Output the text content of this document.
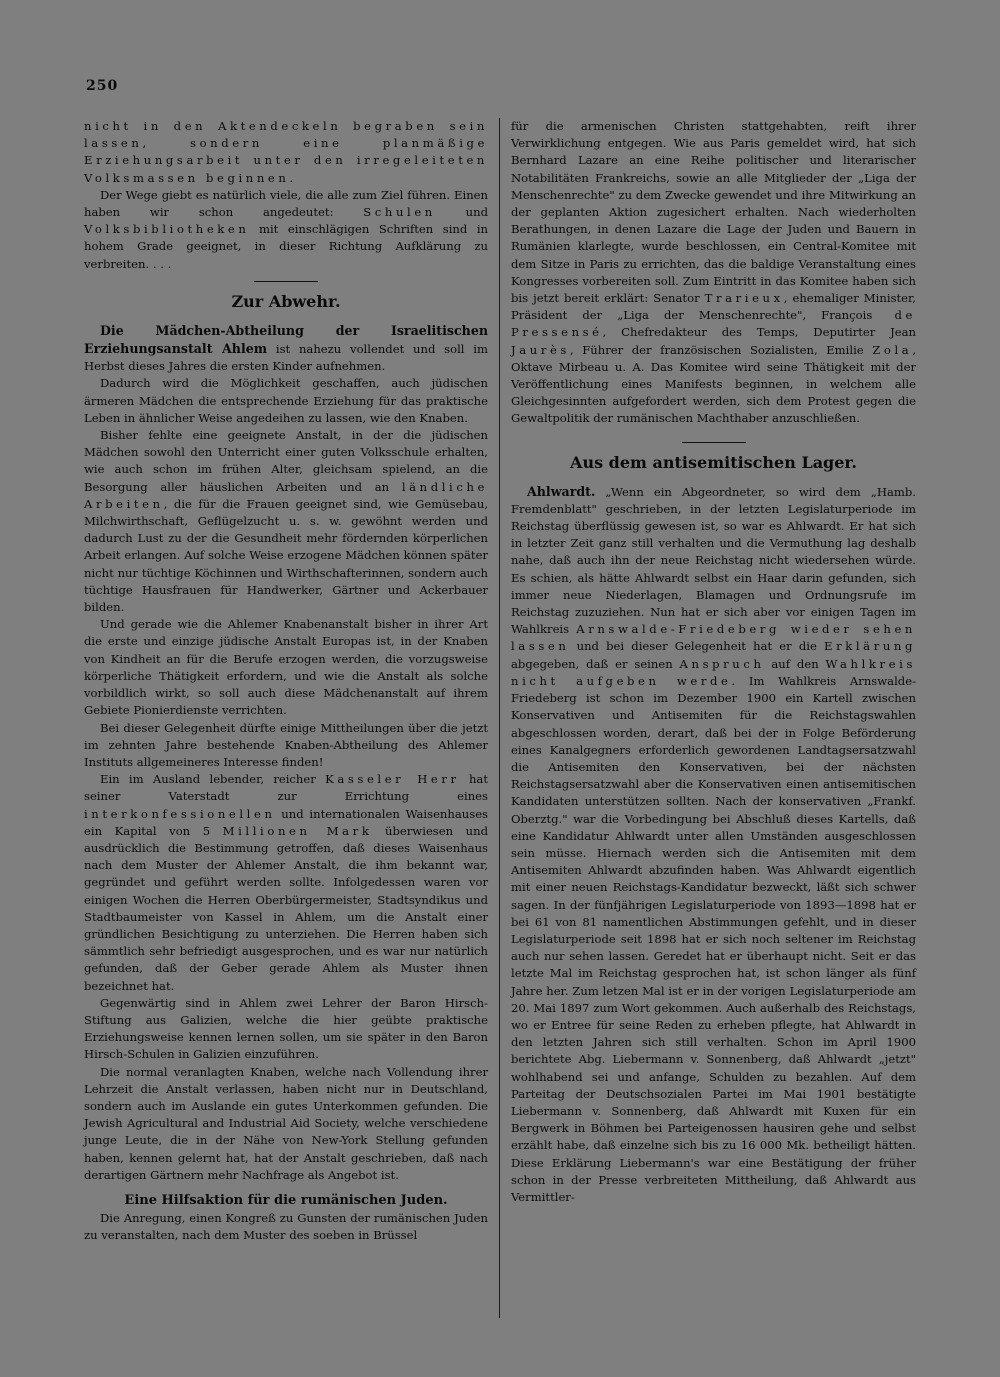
250

nicht in den Aktendeckeln begraben sein lassen, sondern eine planmäßige Erziehungsarbeit unter den irregeleiteten Volksmassen beginnen.

Der Wege giebt es natürlich viele, die alle zum Ziel führen. Einen haben wir schon angedeutet: Schulen und Volksbibliotheken mit einschlägigen Schriften sind in hohem Grade geeignet, in dieser Richtung Aufklärung zu verbreiten. . . .

Zur Abwehr.

Die Mädchen-Abtheilung der Israelitischen Erziehungsanstalt Ahlem ist nahezu vollendet und soll im Herbst dieses Jahres die ersten Kinder aufnehmen.

Dadurch wird die Möglichkeit geschaffen, auch jüdischen ärmeren Mädchen die entsprechende Erziehung für das praktische Leben in ähnlicher Weise angedeihen zu lassen, wie den Knaben.

Bisher fehlte eine geeignete Anstalt, in der die jüdischen Mädchen sowohl den Unterricht einer guten Volksschule erhalten, wie auch schon im frühen Alter, gleichsam spielend, an die Besorgung aller häuslichen Arbeiten und an ländliche Arbeiten, die für die Frauen geeignet sind, wie Gemüsebau, Milchwirthschaft, Geflügelzucht u. s. w. gewöhnt werden und dadurch Lust zu der die Gesundheit mehr fördernden körperlichen Arbeit erlangen. Auf solche Weise erzogene Mädchen können später nicht nur tüchtige Köchinnen und Wirthschafterinnen, sondern auch tüchtige Hausfrauen für Handwerker, Gärtner und Ackerbauer bilden.

Und gerade wie die Ahlemer Knabenanstalt bisher in ihrer Art die erste und einzige jüdische Anstalt Europas ist, in der Knaben von Kindheit an für die Berufe erzogen werden, die vorzugsweise körperliche Thätigkeit erfordern, und wie die Anstalt als solche vorbildlich wirkt, so soll auch diese Mädchenanstalt auf ihrem Gebiete Pionierdienste verrichten.

Bei dieser Gelegenheit dürfte einige Mittheilungen über die jetzt im zehnten Jahre bestehende Knaben-Abtheilung des Ahlemer Instituts allgemeineres Interesse finden!

Ein im Ausland lebender, reicher Kasseler Herr hat seiner Vaterstadt zur Errichtung eines interkonfessionellen und internationalen Waisenhauses ein Kapital von 5 Millionen Mark überwiesen und ausdrücklich die Bestimmung getroffen, daß dieses Waisenhaus nach dem Muster der Ahlemer Anstalt, die ihm bekannt war, gegründet und geführt werden sollte. Infolgedessen waren vor einigen Wochen die Herren Oberbürgermeister, Stadtsyndikus und Stadtbaumeister von Kassel in Ahlem, um die Anstalt einer gründlichen Besichtigung zu unterziehen. Die Herren haben sich sämmtlich sehr befriedigt ausgesprochen, und es war nur natürlich gefunden, daß der Geber gerade Ahlem als Muster ihnen bezeichnet hat.

Gegenwärtig sind in Ahlem zwei Lehrer der Baron Hirsch-Stiftung aus Galizien, welche die hier geübte praktische Erziehungsweise kennen lernen sollen, um sie später in den Baron Hirsch-Schulen in Galizien einzuführen.

Die normal veranlagten Knaben, welche nach Vollendung ihrer Lehrzeit die Anstalt verlassen, haben nicht nur in Deutschland, sondern auch im Auslande ein gutes Unterkommen gefunden. Die Jewish Agricultural and Industrial Aid Society, welche verschiedene junge Leute, die in der Nähe von New-York Stellung gefunden haben, kennen gelernt hat, hat der Anstalt geschrieben, daß nach derartigen Gärtnern mehr Nachfrage als Angebot ist.

Eine Hilfsaktion für die rumänischen Juden.

Die Anregung, einen Kongreß zu Gunsten der rumänischen Juden zu veranstalten, nach dem Muster des soeben in Brüssel

für die armenischen Christen stattgehabten, reift ihrer Verwirklichung entgegen. Wie aus Paris gemeldet wird, hat sich Bernhard Lazare an eine Reihe politischer und literarischer Notabilitäten Frankreichs, sowie an alle Mitglieder der „Liga der Menschenrechte" zu dem Zwecke gewendet und ihre Mitwirkung an der geplanten Aktion zugesichert erhalten. Nach wiederholten Berathungen, in denen Lazare die Lage der Juden und Bauern in Rumänien klarlegte, wurde beschlossen, ein Central-Komitee mit dem Sitze in Paris zu errichten, das die baldige Veranstaltung eines Kongresses vorbereiten soll. Zum Eintritt in das Komitee haben sich bis jetzt bereit erklärt: Senator Trarieux, ehemaliger Minister, Präsident der „Liga der Menschenrechte", François de Pressensé, Chefredakteur des Temps, Deputirter Jean Jaurès, Führer der französischen Sozialisten, Emilie Zola, Oktave Mirbeau u. A. Das Komitee wird seine Thätigkeit mit der Veröffentlichung eines Manifests beginnen, in welchem alle Gleichgesinnten aufgefordert werden, sich dem Protest gegen die Gewaltpolitik der rumänischen Machthaber anzuschließen.

Aus dem antisemitischen Lager.

Ahlwardt. „Wenn ein Abgeordneter, so wird dem „Hamb. Fremdenblatt" geschrieben, in der letzten Legislaturperiode im Reichstag überflüssig gewesen ist, so war es Ahlwardt. Er hat sich in letzter Zeit ganz still verhalten und die Vermuthung lag deshalb nahe, daß auch ihn der neue Reichstag nicht wiedersehen würde. Es schien, als hätte Ahlwardt selbst ein Haar darin gefunden, sich immer neue Niederlagen, Blamagen und Ordnungsrufe im Reichstag zuzuziehen. Nun hat er sich aber vor einigen Tagen im Wahlkreis Arnswalde-Friedeberg wieder sehen lassen und bei dieser Gelegenheit hat er die Erklärung abgegeben, daß er seinen Anspruch auf den Wahlkreis nicht aufgeben werde. Im Wahlkreis Arnswalde-Friedeberg ist schon im Dezember 1900 ein Kartell zwischen Konservativen und Antisemiten für die Reichstagswahlen abgeschlossen worden, derart, daß bei der in Folge Beförderung eines Kanalgegners erforderlich gewordenen Landtagsersatzwahl die Antisemiten den Konservativen, bei der nächsten Reichstagsersatzwahl aber die Konservativen einen antisemitischen Kandidaten unterstützen sollten. Nach der konservativen „Frankf. Oberztg." war die Vorbedingung bei Abschluß dieses Kartells, daß eine Kandidatur Ahlwardt unter allen Umständen ausgeschlossen sein müsse. Hiernach werden sich die Antisemiten mit dem Antisemiten Ahlwardt abzufinden haben. Was Ahlwardt eigentlich mit einer neuen Reichstags-Kandidatur bezweckt, läßt sich schwer sagen. In der fünfjährigen Legislaturperiode von 1893—1898 hat er bei 61 von 81 namentlichen Abstimmungen gefehlt, und in dieser Legislaturperiode seit 1898 hat er sich noch seltener im Reichstag auch nur sehen lassen. Geredet hat er überhaupt nicht. Seit er das letzte Mal im Reichstag gesprochen hat, ist schon länger als fünf Jahre her. Zum letzen Mal ist er in der vorigen Legislaturperiode am 20. Mai 1897 zum Wort gekommen. Auch außerhalb des Reichstags, wo er Entree für seine Reden zu erheben pflegte, hat Ahlwardt in den letzten Jahren sich still verhalten. Schon im April 1900 berichtete Abg. Liebermann v. Sonnenberg, daß Ahlwardt „jetzt" wohlhabend sei und anfange, Schulden zu bezahlen. Auf dem Parteitag der Deutschsozialen Partei im Mai 1901 bestätigte Liebermann v. Sonnenberg, daß Ahlwardt mit Kuxen für ein Bergwerk in Böhmen bei Parteigenossen hausiren gehe und selbst erzählt habe, daß einzelne sich bis zu 16 000 Mk. betheiligt hätten. Diese Erklärung Liebermann's war eine Bestätigung der früher schon in der Presse verbreiteten Mittheilung, daß Ahlwardt aus Vermittler-
